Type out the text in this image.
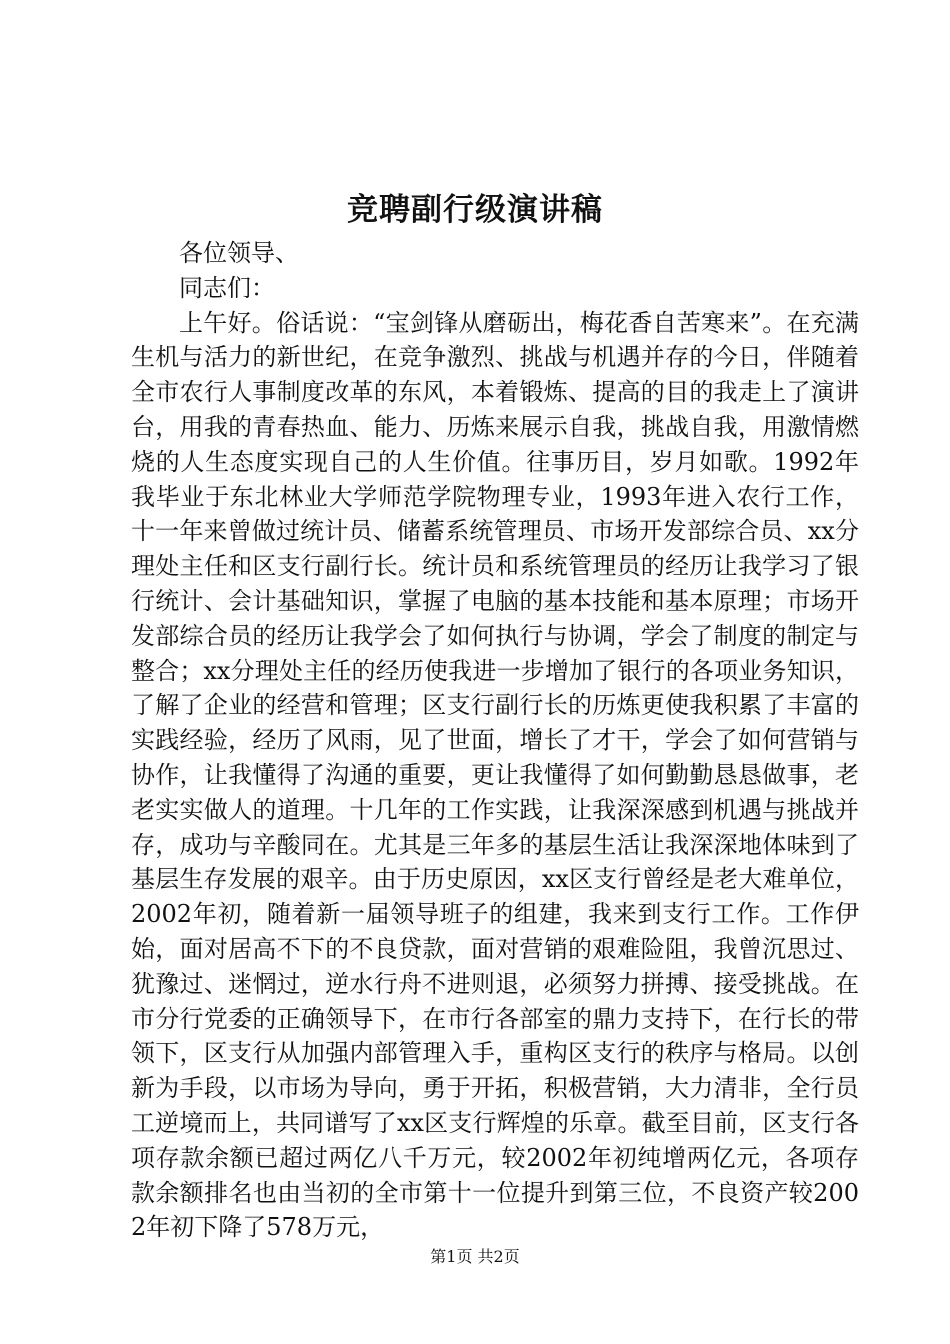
竞聘副行级演讲稿

各位领导、

同志们：

上午好。俗话说：“宝剑锋从磨砺出，梅花香自苦寒来”。在充满生机与活力的新世纪，在竞争激烈、挑战与机遇并存的今日，伴随着全市农行人事制度改革的东风，本着锻炼、提高的目的我走上了演讲台，用我的青春热血、能力、历炼来展示自我，挑战自我，用激情燃烧的人生态度实现自己的人生价值。往事历目，岁月如歌。1992年我毕业于东北林业大学师范学院物理专业，1993年进入农行工作，十一年来曾做过统计员、储蓄系统管理员、市场开发部综合员、xx分理处主任和区支行副行长。统计员和系统管理员的经历让我学习了银行统计、会计基础知识，掌握了电脑的基本技能和基本原理；市场开发部综合员的经历让我学会了如何执行与协调，学会了制度的制定与整合；xx分理处主任的经历使我进一步增加了银行的各项业务知识，了解了企业的经营和管理；区支行副行长的历炼更使我积累了丰富的实践经验，经历了风雨，见了世面，增长了才干，学会了如何营销与协作，让我懂得了沟通的重要，更让我懂得了如何勤勤恳恳做事，老老实实做人的道理。十几年的工作实践，让我深深感到机遇与挑战并存，成功与辛酸同在。尤其是三年多的基层生活让我深深地体味到了基层生存发展的艰辛。由于历史原因，xx区支行曾经是老大难单位，2002年初，随着新一届领导班子的组建，我来到支行工作。工作伊始，面对居高不下的不良贷款，面对营销的艰难险阻，我曾沉思过、犹豫过、迷惘过，逆水行舟不进则退，必须努力拼搏、接受挑战。在市分行党委的正确领导下，在市行各部室的鼎力支持下，在行长的带领下，区支行从加强内部管理入手，重构区支行的秩序与格局。以创新为手段，以市场为导向，勇于开拓，积极营销，大力清非，全行员工逆境而上，共同谱写了xx区支行辉煌的乐章。截至目前，区支行各项存款余额已超过两亿八千万元，较2002年初纯增两亿元，各项存款余额排名也由当初的全市第十一位提升到第三位，不良资产较2002年初下降了578万元，

第1页 共2页
